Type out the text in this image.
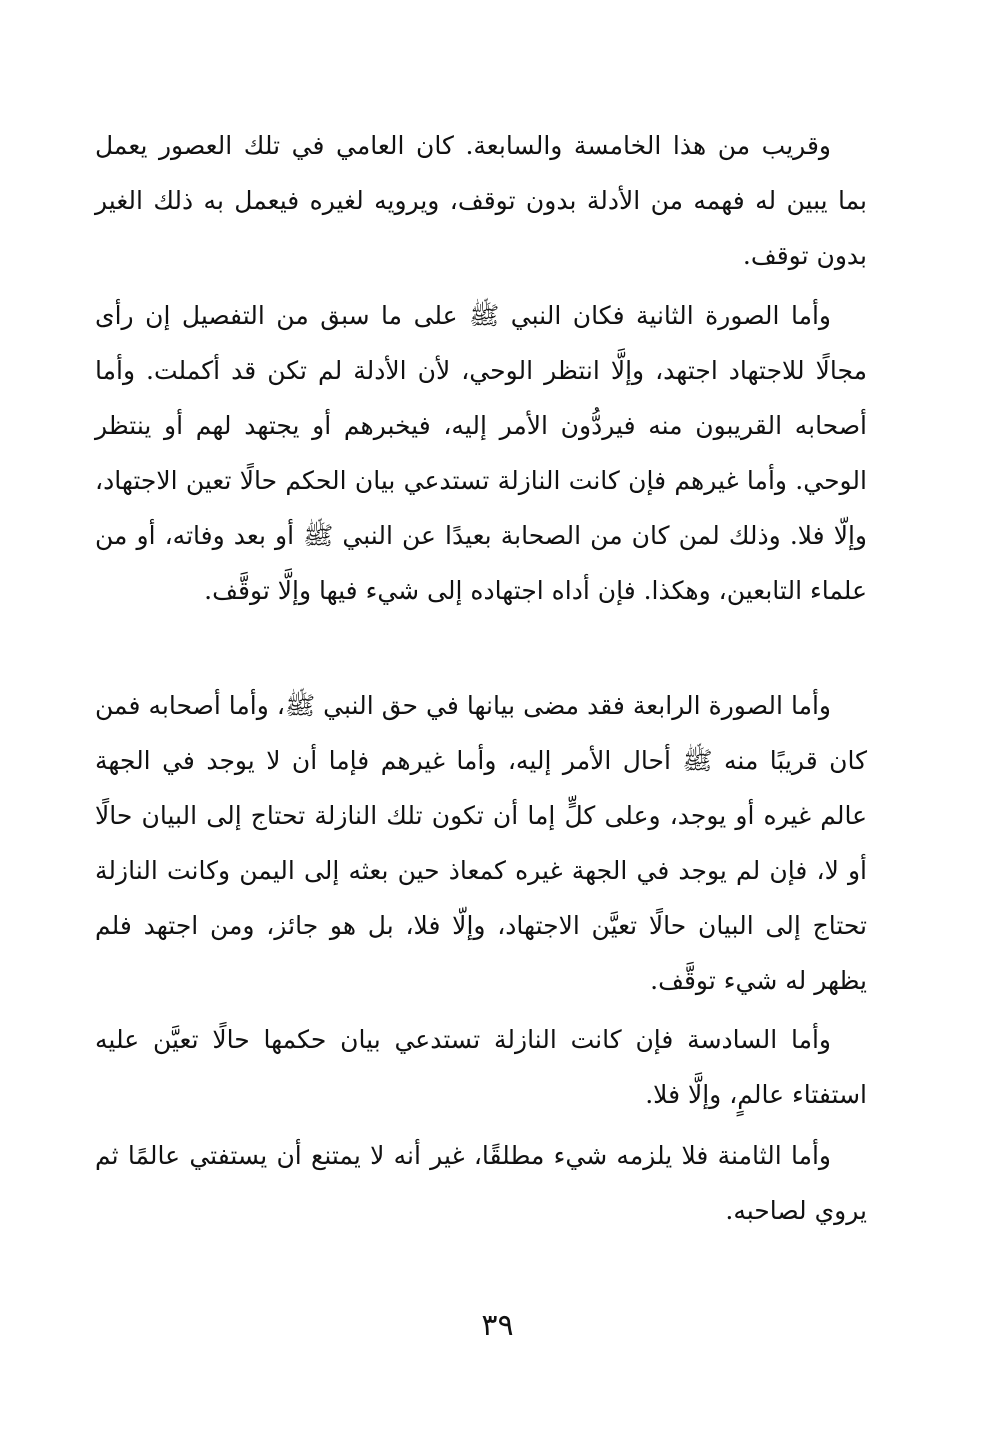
وقريب من هذا الخامسة والسابعة. كان العامي في تلك العصور يعمل بما يبين له فهمه من الأدلة بدون توقف، ويرويه لغيره فيعمل به ذلك الغير بدون توقف.

وأما الصورة الثانية فكان النبي ﷺ على ما سبق من التفصيل إن رأى مجالًا للاجتهاد اجتهد، وإلَّا انتظر الوحي، لأن الأدلة لم تكن قد أكملت. وأما أصحابه القريبون منه فيردُّون الأمر إليه، فيخبرهم أو يجتهد لهم أو ينتظر الوحي. وأما غيرهم فإن كانت النازلة تستدعي بيان الحكم حالًا تعين الاجتهاد، وإلّا فلا. وذلك لمن كان من الصحابة بعيدًا عن النبي ﷺ أو بعد وفاته، أو من علماء التابعين، وهكذا. فإن أداه اجتهاده إلى شيء فيها وإلَّا توقَّف.

وأما الصورة الرابعة فقد مضى بيانها في حق النبي ﷺ، وأما أصحابه فمن كان قريبًا منه ﷺ أحال الأمر إليه، وأما غيرهم فإما أن لا يوجد في الجهة عالم غيره أو يوجد، وعلى كلٍّ إما أن تكون تلك النازلة تحتاج إلى البيان حالًا أو لا، فإن لم يوجد في الجهة غيره كمعاذ حين بعثه إلى اليمن وكانت النازلة تحتاج إلى البيان حالًا تعيَّن الاجتهاد، وإلّا فلا، بل هو جائز، ومن اجتهد فلم يظهر له شيء توقَّف.

وأما السادسة فإن كانت النازلة تستدعي بيان حكمها حالًا تعيَّن عليه استفتاء عالمٍ، وإلَّا فلا.

وأما الثامنة فلا يلزمه شيء مطلقًا، غير أنه لا يمتنع أن يستفتي عالمًا ثم يروي لصاحبه.

٣٩
